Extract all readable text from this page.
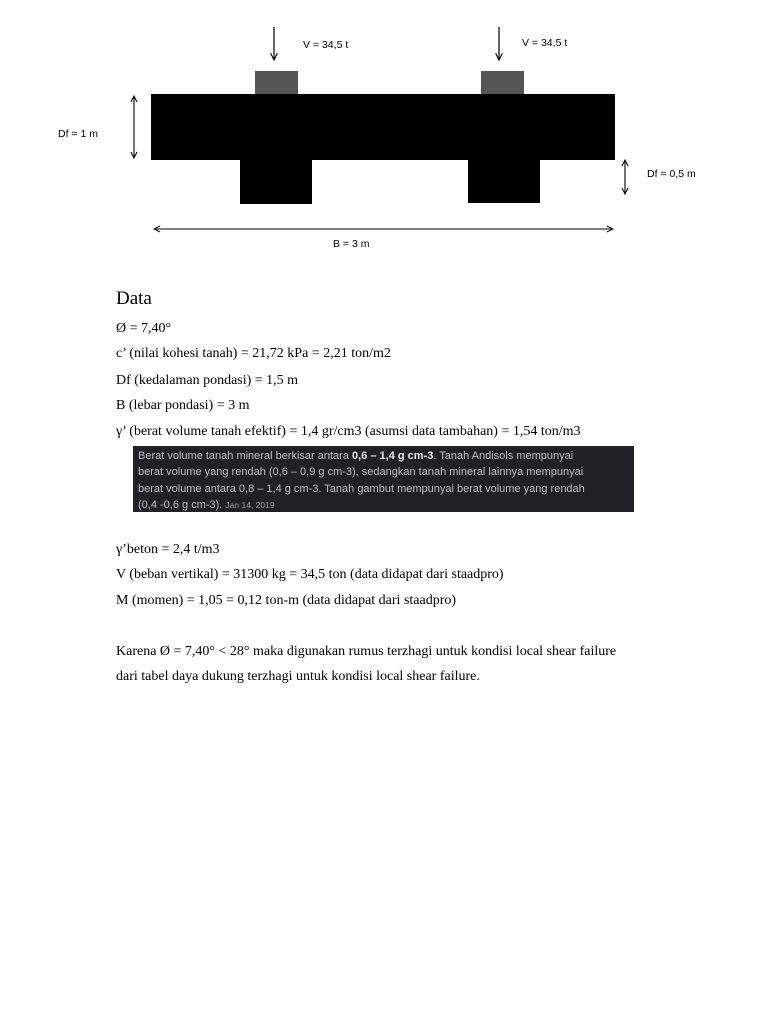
V = 34,5 t	V = 34,5 t
Df = 1 m
Df = 0,5 m
B = 3 m
Data
Ø = 7,40°
c’ (nilai kohesi tanah) = 21,72 kPa = 2,21 ton/m2
Df (kedalaman pondasi) = 1,5 m
B (lebar pondasi) = 3 m
γ’ (berat volume tanah efektif) = 1,4 gr/cm3 (asumsi data tambahan) = 1,54 ton/m3
Berat volume tanah mineral berkisar antara 0,6 – 1,4 g cm-3. Tanah Andisols mempunyai
berat volume yang rendah (0,6 – 0,9 g cm-3), sedangkan tanah mineral lainnya mempunyai
berat volume antara 0,8 – 1,4 g cm-3. Tanah gambut mempunyai berat volume yang rendah
(0,4 -0,6 g cm-3). Jan 14, 2019
γ’beton = 2,4 t/m3
V (beban vertikal) = 31300 kg = 34,5 ton (data didapat dari staadpro)
M (momen) = 1,05 = 0,12 ton-m (data didapat dari staadpro)

Karena Ø = 7,40° < 28° maka digunakan rumus terzhagi untuk kondisi local shear failure dari tabel daya dukung terzhagi untuk kondisi local shear failure.
